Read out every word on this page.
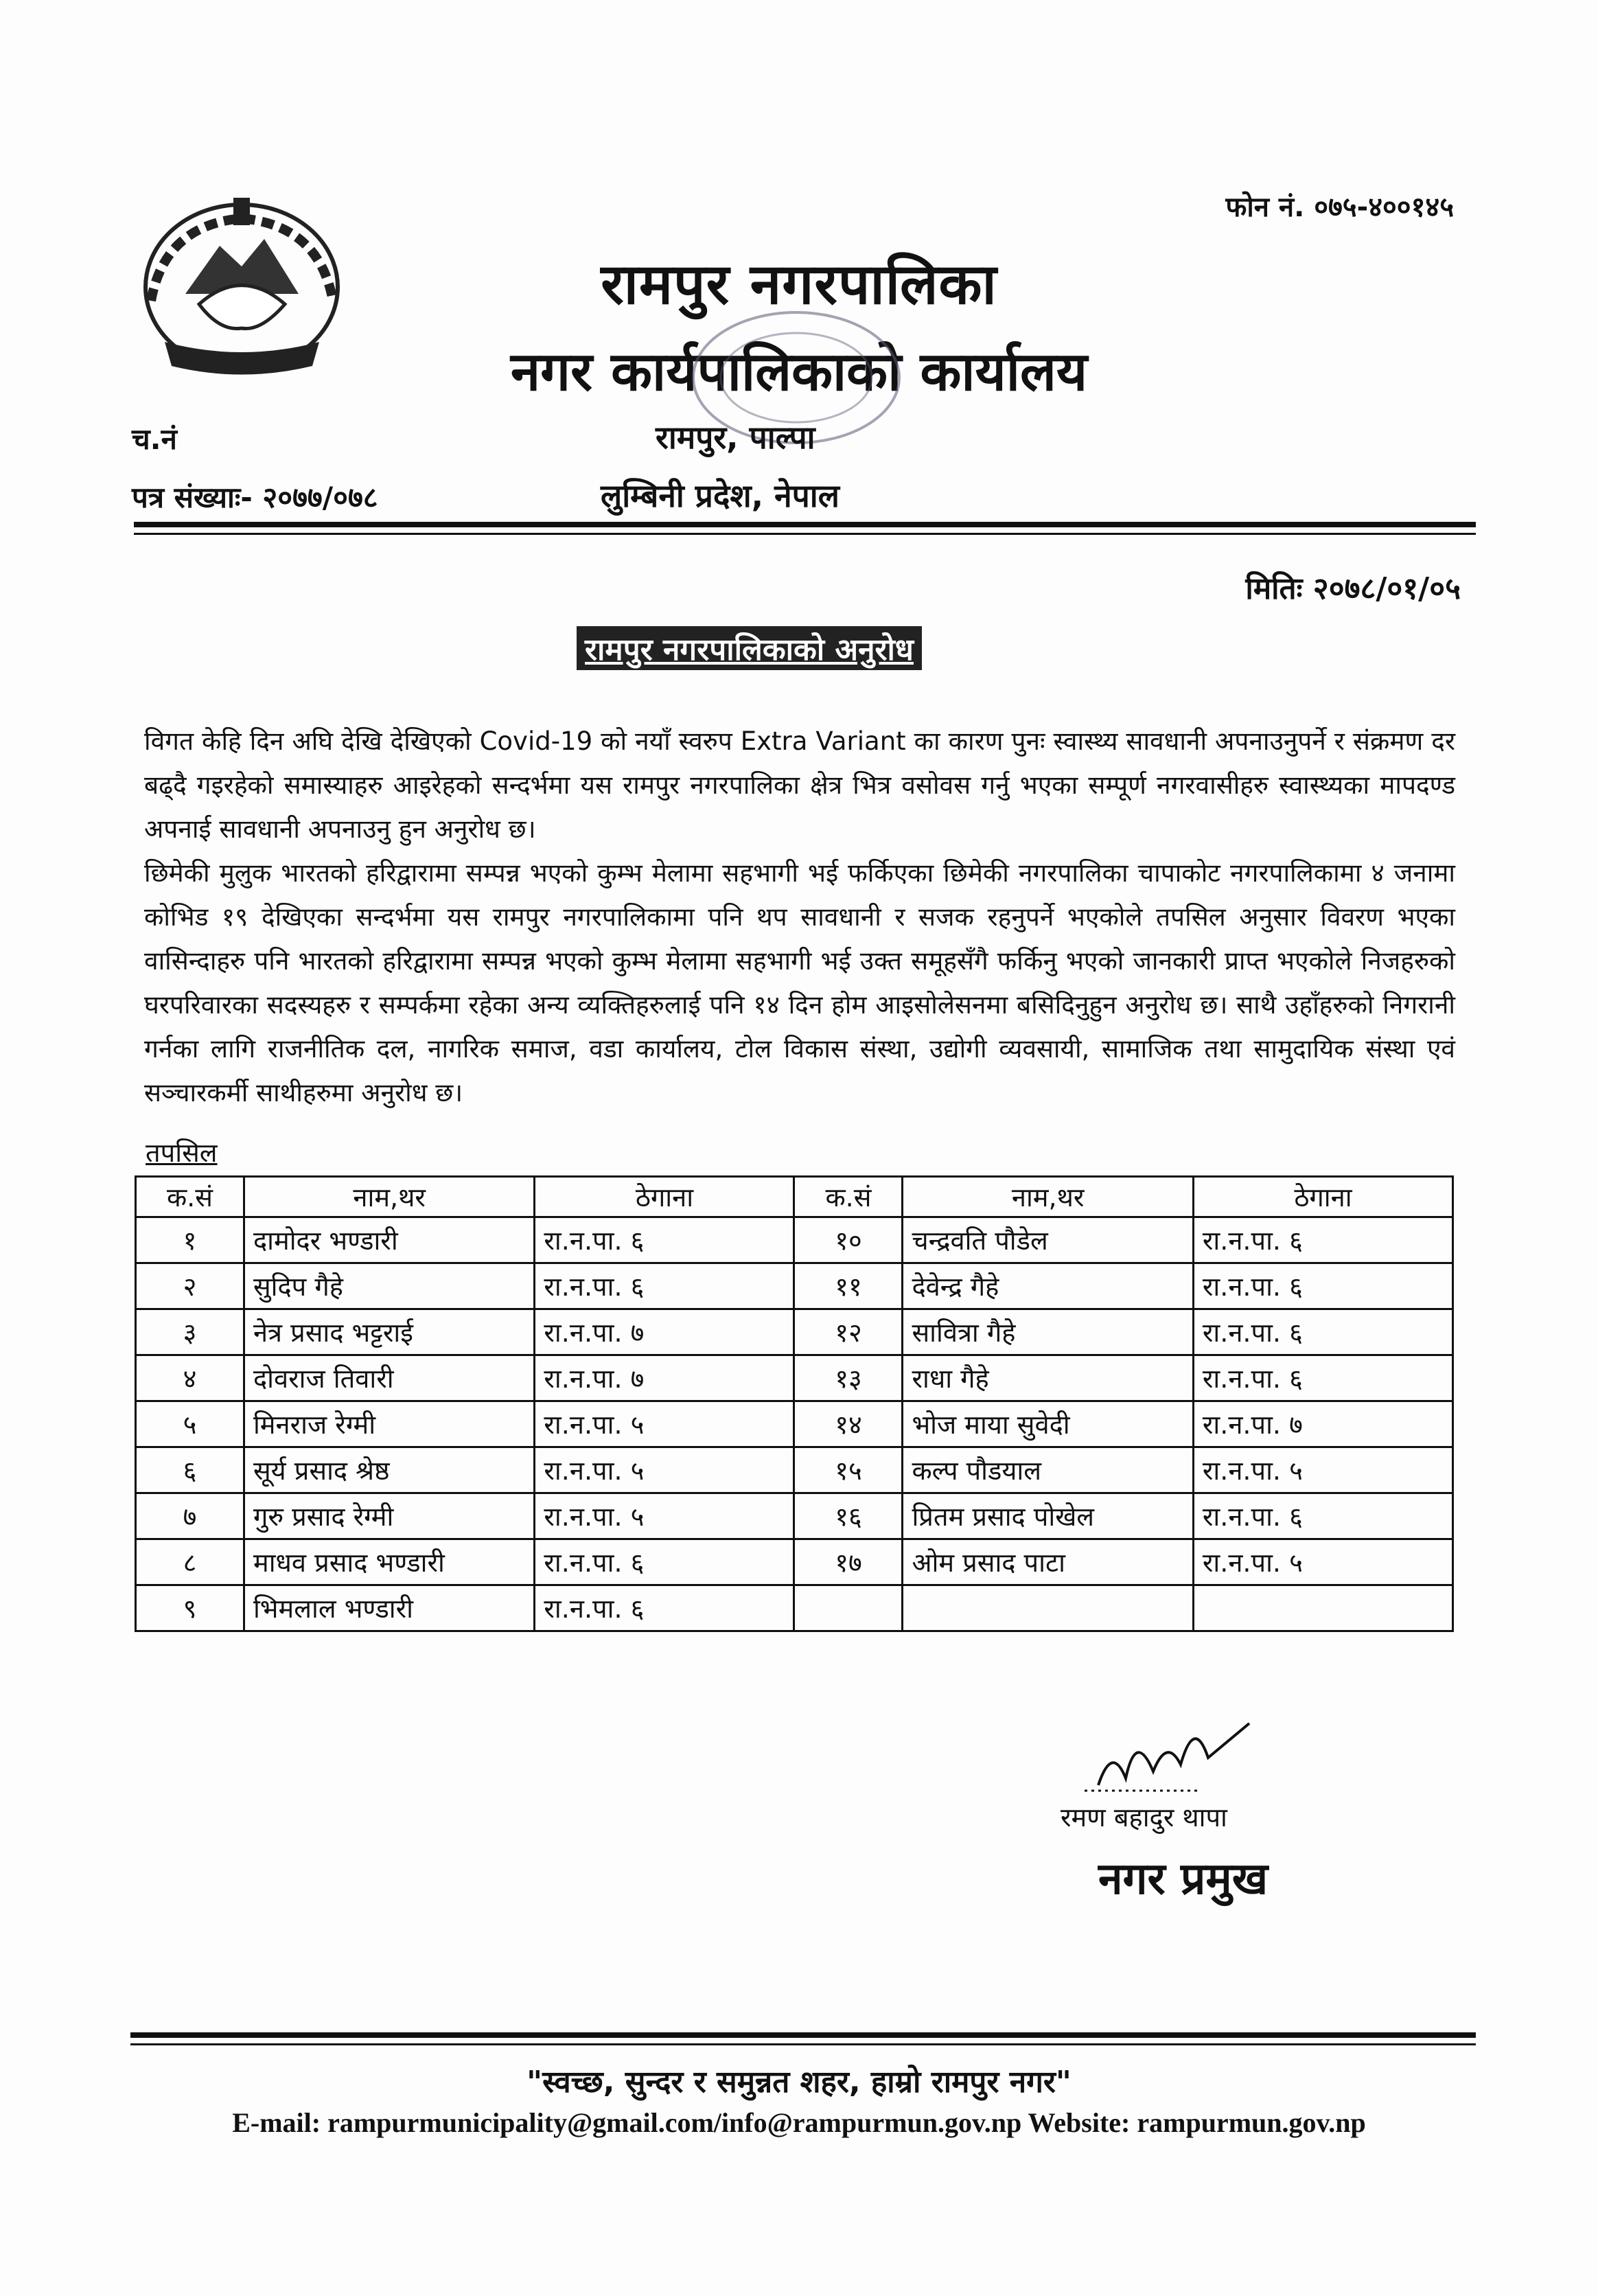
फोन नं. ०७५-४००१४५
रामपुर नगरपालिका
नगर कार्यपालिकाको कार्यालय
रामपुर, पाल्पा
लुम्बिनी प्रदेश, नेपाल
च.नं
पत्र संख्याः- २०७७/०७८
मितिः २०७८/०१/०५
रामपुर नगरपालिकाको अनुरोध

विगत केहि दिन अघि देखि देखिएको Covid-19 को नयाँ स्वरुप Extra Variant का कारण पुनः स्वास्थ्य सावधानी अपनाउनुपर्ने र संक्रमण दर बढ्दै गइरहेको समास्याहरु आइरेहको सन्दर्भमा यस रामपुर नगरपालिका क्षेत्र भित्र वसोवस गर्नु भएका सम्पूर्ण नगरवासीहरु स्वास्थ्यका मापदण्ड अपनाई सावधानी अपनाउनु हुन अनुरोध छ।

छिमेकी मुलुक भारतको हरिद्वारामा सम्पन्न भएको कुम्भ मेलामा सहभागी भई फर्किएका छिमेकी नगरपालिका चापाकोट नगरपालिकामा ४ जनामा कोभिड १९ देखिएका सन्दर्भमा यस रामपुर नगरपालिकामा पनि थप सावधानी र सजक रहनुपर्ने भएकोले तपसिल अनुसार विवरण भएका वासिन्दाहरु पनि भारतको हरिद्वारामा सम्पन्न भएको कुम्भ मेलामा सहभागी भई उक्त समूहसँगै फर्किनु भएको जानकारी प्राप्त भएकोले निजहरुको घरपरिवारका सदस्यहरु र सम्पर्कमा रहेका अन्य व्यक्तिहरुलाई पनि १४ दिन होम आइसोलेसनमा बसिदिनुहुन अनुरोध छ। साथै उहाँहरुको निगरानी गर्नका लागि राजनीतिक दल, नागरिक समाज, वडा कार्यालय, टोल विकास संस्था, उद्योगी व्यवसायी, सामाजिक तथा सामुदायिक संस्था एवं सञ्चारकर्मी साथीहरुमा अनुरोध छ।

तपसिल
क.सं	नाम,थर	ठेगाना	क.सं	नाम,थर	ठेगाना
१	दामोदर भण्डारी	रा.न.पा. ६	१०	चन्द्रवति पौडेल	रा.न.पा. ६
२	सुदिप गैहे	रा.न.पा. ६	११	देवेन्द्र गैहे	रा.न.पा. ६
३	नेत्र प्रसाद भट्टराई	रा.न.पा. ७	१२	सावित्रा गैहे	रा.न.पा. ६
४	दोवराज तिवारी	रा.न.पा. ७	१३	राधा गैहे	रा.न.पा. ६
५	मिनराज रेग्मी	रा.न.पा. ५	१४	भोज माया सुवेदी	रा.न.पा. ७
६	सूर्य प्रसाद श्रेष्ठ	रा.न.पा. ५	१५	कल्प पौडयाल	रा.न.पा. ५
७	गुरु प्रसाद रेग्मी	रा.न.पा. ५	१६	प्रितम प्रसाद पोखेल	रा.न.पा. ६
८	माधव प्रसाद भण्डारी	रा.न.पा. ६	१७	ओम प्रसाद पाटा	रा.न.पा. ५
९	भिमलाल भण्डारी	रा.न.पा. ६			
रमण बहादुर थापा
नगर प्रमुख
"स्वच्छ, सुन्दर र समुन्नत शहर, हाम्रो रामपुर नगर"
E-mail: rampurmunicipality@gmail.com/info@rampurmun.gov.np Website: rampurmun.gov.np
